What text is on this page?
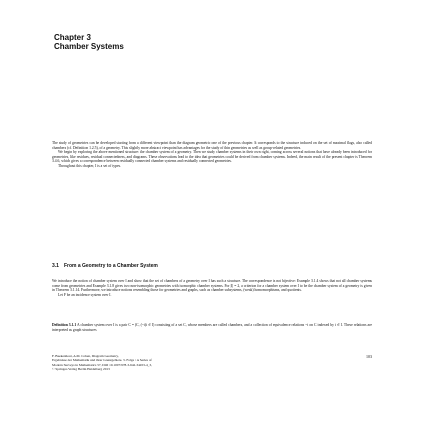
Chapter 3
Chamber Systems

The study of geometries can be developed starting from a different viewpoint than the diagram geometric one of the previous chapter. It corresponds to the structure induced on the set of maximal flags, also called chambers (cf. Definition 1.2.5), of a geometry. This slightly more abstract viewpoint has advantages for the study of thin geometries as well as group-related geometries.

We begin by exploring the above mentioned structure: the chamber system of a geometry. Then we study chamber systems in their own right, coming across several notions that have already been introduced for geometries, like residues, residual connectedness, and diagrams. These observations lead to the idea that geometries could be derived from chamber systems. Indeed, the main result of the present chapter is Theorem 3.4.6, which gives a correspondence between residually connected chamber systems and residually connected geometries.

Throughout this chapter, I is a set of types.

3.1 From a Geometry to a Chamber System

We introduce the notion of chamber system over I and show that the set of chambers of a geometry over I has such a structure. The correspondence is not bijective: Example 3.1.4 shows that not all chamber systems come from geometries and Example 3.1.8 gives two non-isomorphic geometries with isomorphic chamber systems. For |I| = 2, a criterion for a chamber system over I to be the chamber system of a geometry is given in Theorem 3.1.14. Furthermore, we introduce notions resembling those for geometries and graphs, such as chamber subsystems, (weak) homomorphisms, and quotients.

Let F be an incidence system over I.

Definition 3.1.1 A chamber system over I is a pair C = (C, (~i)i ∈ I) consisting of a set C, whose members are called chambers, and a collection of equivalence relations ~i on C indexed by i ∈ I. These relations are interpreted as graph structures

F. Buekenhout, A.M. Cohen, Diagram Geometry,
Ergebnisse der Mathematik und ihrer Grenzgebiete. 3. Folge / A Series of
Modern Surveys in Mathematics 57, DOI 10.1007/978-3-642-34453-4_3,
© Springer-Verlag Berlin Heidelberg 2013
103
